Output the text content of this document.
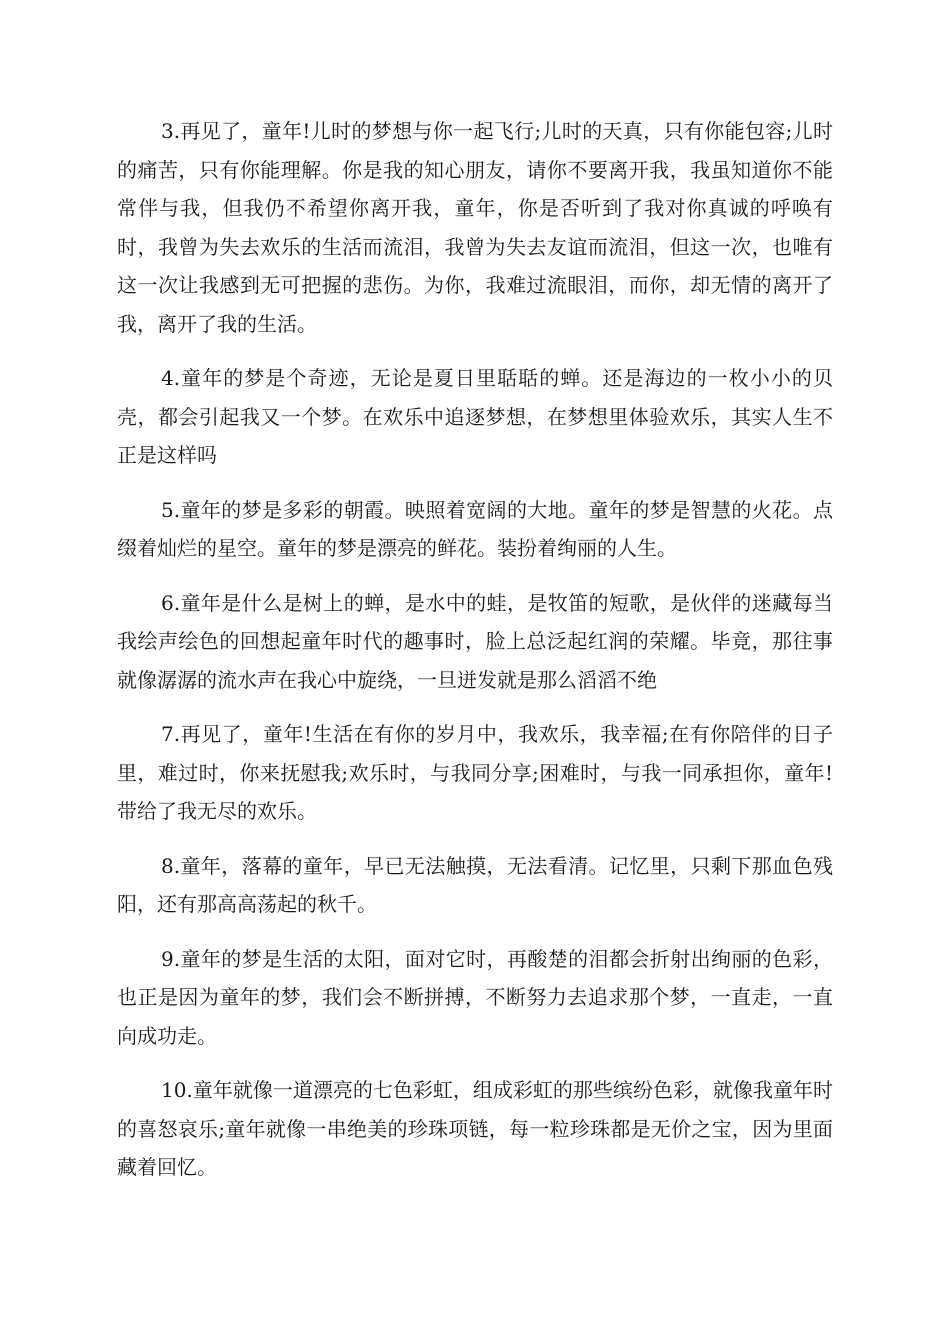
3.再见了，童年!儿时的梦想与你一起飞行;儿时的天真，只有你能包容;儿时的痛苦，只有你能理解。你是我的知心朋友，请你不要离开我，我虽知道你不能常伴与我，但我仍不希望你离开我，童年，你是否听到了我对你真诚的呼唤有时，我曾为失去欢乐的生活而流泪，我曾为失去友谊而流泪，但这一次，也唯有这一次让我感到无可把握的悲伤。为你，我难过流眼泪，而你，却无情的离开了我，离开了我的生活。

4.童年的梦是个奇迹，无论是夏日里聒聒的蝉。还是海边的一枚小小的贝壳，都会引起我又一个梦。在欢乐中追逐梦想，在梦想里体验欢乐，其实人生不正是这样吗

5.童年的梦是多彩的朝霞。映照着宽阔的大地。童年的梦是智慧的火花。点缀着灿烂的星空。童年的梦是漂亮的鲜花。装扮着绚丽的人生。

6.童年是什么是树上的蝉，是水中的蛙，是牧笛的短歌，是伙伴的迷藏每当我绘声绘色的回想起童年时代的趣事时，脸上总泛起红润的荣耀。毕竟，那往事就像潺潺的流水声在我心中旋绕，一旦迸发就是那么滔滔不绝

7.再见了，童年!生活在有你的岁月中，我欢乐，我幸福;在有你陪伴的日子里，难过时，你来抚慰我;欢乐时，与我同分享;困难时，与我一同承担你，童年!带给了我无尽的欢乐。

8.童年，落幕的童年，早已无法触摸，无法看清。记忆里，只剩下那血色残阳，还有那高高荡起的秋千。

9.童年的梦是生活的太阳，面对它时，再酸楚的泪都会折射出绚丽的色彩，也正是因为童年的梦，我们会不断拼搏，不断努力去追求那个梦，一直走，一直向成功走。

10.童年就像一道漂亮的七色彩虹，组成彩虹的那些缤纷色彩，就像我童年时的喜怒哀乐;童年就像一串绝美的珍珠项链，每一粒珍珠都是无价之宝，因为里面藏着回忆。
